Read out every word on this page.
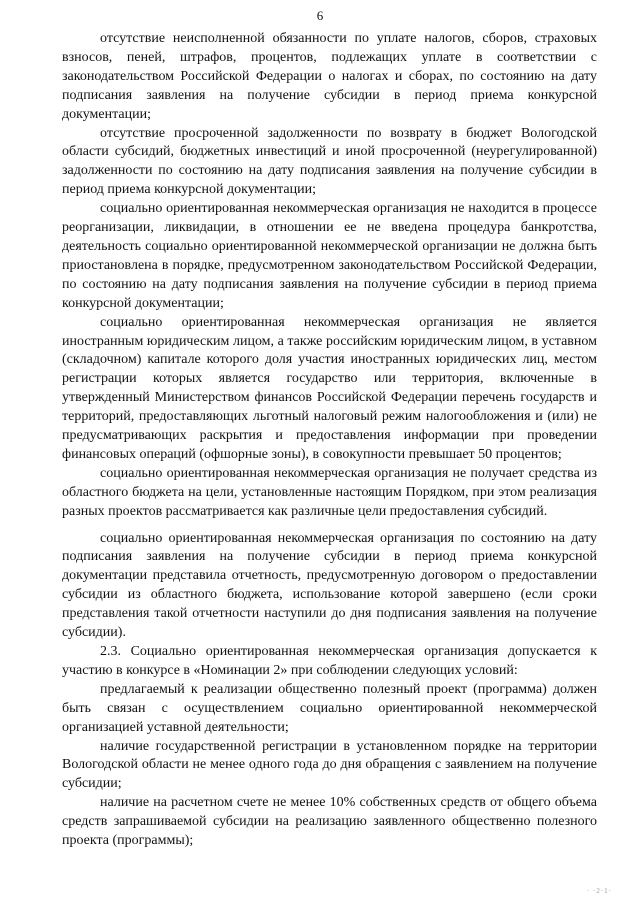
6

отсутствие неисполненной обязанности по уплате налогов, сборов, страховых взносов, пеней, штрафов, процентов, подлежащих уплате в соответствии с законодательством Российской Федерации о налогах и сборах, по состоянию на дату подписания заявления на получение субсидии в период приема конкурсной документации;

отсутствие просроченной задолженности по возврату в бюджет Вологодской области субсидий, бюджетных инвестиций и иной просроченной (неурегулированной) задолженности по состоянию на дату подписания заявления на получение субсидии в период приема конкурсной документации;

социально ориентированная некоммерческая организация не находится в процессе реорганизации, ликвидации, в отношении ее не введена процедура банкротства, деятельность социально ориентированной некоммерческой организации не должна быть приостановлена в порядке, предусмотренном законодательством Российской Федерации, по состоянию на дату подписания заявления на получение субсидии в период приема конкурсной документации;

социально ориентированная некоммерческая организация не является иностранным юридическим лицом, а также российским юридическим лицом, в уставном (складочном) капитале которого доля участия иностранных юридических лиц, местом регистрации которых является государство или территория, включенные в утвержденный Министерством финансов Российской Федерации перечень государств и территорий, предоставляющих льготный налоговый режим налогообложения и (или) не предусматривающих раскрытия и предоставления информации при проведении финансовых операций (офшорные зоны), в совокупности превышает 50 процентов;

социально ориентированная некоммерческая организация не получает средства из областного бюджета на цели, установленные настоящим Порядком, при этом реализация разных проектов рассматривается как различные цели предоставления субсидий.

социально ориентированная некоммерческая организация по состоянию на дату подписания заявления на получение субсидии в период приема конкурсной документации представила отчетность, предусмотренную договором о предоставлении субсидии из областного бюджета, использование которой завершено (если сроки представления такой отчетности наступили до дня подписания заявления на получение субсидии).

2.3. Социально ориентированная некоммерческая организация допускается к участию в конкурсе в «Номинации 2» при соблюдении следующих условий:

предлагаемый к реализации общественно полезный проект (программа) должен быть связан с осуществлением социально ориентированной некоммерческой организацией уставной деятельности;

наличие государственной регистрации в установленном порядке на территории Вологодской области не менее одного года до дня обращения с заявлением на получение субсидии;

наличие на расчетном счете не менее 10% собственных средств от общего объема средств запрашиваемой субсидии на реализацию заявленного общественно полезного проекта (программы);

· ·2·1·
